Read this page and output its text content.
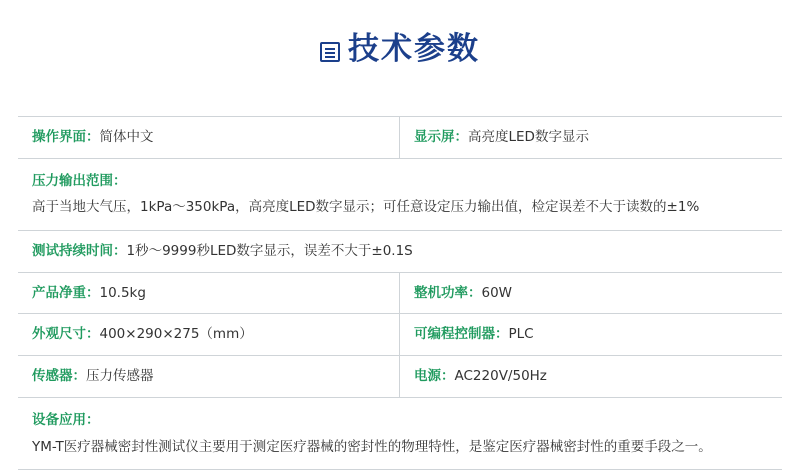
技术参数
操作界面： 简体中文	显示屏： 高亮度LED数字显示
压力输出范围：
高于当地大气压，1kPa～350kPa，高亮度LED数字显示；可任意设定压力输出值，检定误差不大于读数的±1%
测试持续时间： 1秒～9999秒LED数字显示，误差不大于±0.1S
产品净重： 10.5kg	整机功率： 60W
外观尺寸： 400×290×275（mm）	可编程控制器： PLC
传感器： 压力传感器	电源： AC220V/50Hz
设备应用：
YM-T医疗器械密封性测试仪主要用于测定医疗器械的密封性的物理特性，是鉴定医疗器械密封性的重要手段之一。
